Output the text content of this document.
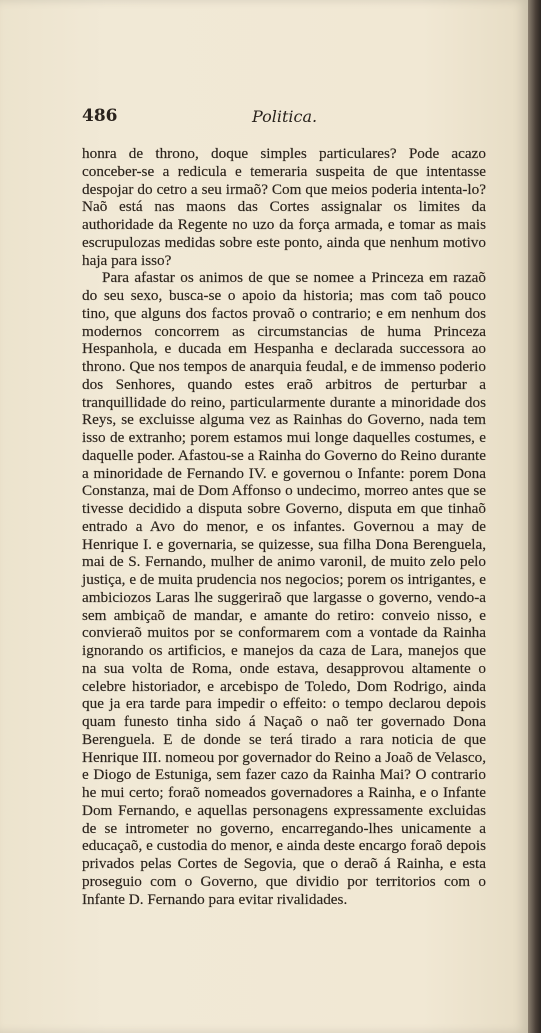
486	Politica.

honra de throno, doque simples particulares? Pode acazo conceber-se a redicula e temeraria suspeita de que intentasse despojar do cetro a seu irmaõ? Com que meios poderia intenta-lo? Naõ está nas maons das Cortes assignalar os limites da authoridade da Regente no uzo da força armada, e tomar as mais escrupulozas medidas sobre este ponto, ainda que nenhum motivo haja para isso?

Para afastar os animos de que se nomee a Princeza em razaõ do seu sexo, busca-se o apoio da historia; mas com taõ pouco tino, que alguns dos factos provaõ o contrario; e em nenhum dos modernos concorrem as circumstancias de huma Princeza Hespanhola, e ducada em Hespanha e declarada successora ao throno. Que nos tempos de anarquia feudal, e de immenso poderio dos Senhores, quando estes eraõ arbitros de perturbar a tranquillidade do reino, particularmente durante a minoridade dos Reys, se excluisse alguma vez as Rainhas do Governo, nada tem isso de extranho; porem estamos mui longe daquelles costumes, e daquelle poder. Afastou-se a Rainha do Governo do Reino durante a minoridade de Fernando IV. e governou o Infante: porem Dona Constanza, mai de Dom Affonso o undecimo, morreo antes que se tivesse decidido a disputa sobre Governo, disputa em que tinhaõ entrado a Avo do menor, e os infantes. Governou a may de Henrique I. e governaria, se quizesse, sua filha Dona Berenguela, mai de S. Fernando, mulher de animo varonil, de muito zelo pelo justiça, e de muita prudencia nos negocios; porem os intrigantes, e ambiciozos Laras lhe suggeriraõ que largasse o governo, vendo-a sem ambiçaõ de mandar, e amante do retiro: conveio nisso, e convieraõ muitos por se conformarem com a vontade da Rainha ignorando os artificios, e manejos da caza de Lara, manejos que na sua volta de Roma, onde estava, desapprovou altamente o celebre historiador, e arcebispo de Toledo, Dom Rodrigo, ainda que ja era tarde para impedir o effeito: o tempo declarou depois quam funesto tinha sido á Naçaõ o naõ ter governado Dona Berenguela. E de donde se terá tirado a rara noticia de que Henrique III. nomeou por governador do Reino a Joaõ de Velasco, e Diogo de Estuniga, sem fazer cazo da Rainha Mai? O contrario he mui certo; foraõ nomeados governadores a Rainha, e o Infante Dom Fernando, e aquellas personagens expressamente excluidas de se intrometer no governo, encarregando-lhes unicamente a educaçaõ, e custodia do menor, e ainda deste encargo foraõ depois privados pelas Cortes de Segovia, que o deraõ á Rainha, e esta proseguio com o Governo, que dividio por territorios com o Infante D. Fernando para evitar rivalidades.
